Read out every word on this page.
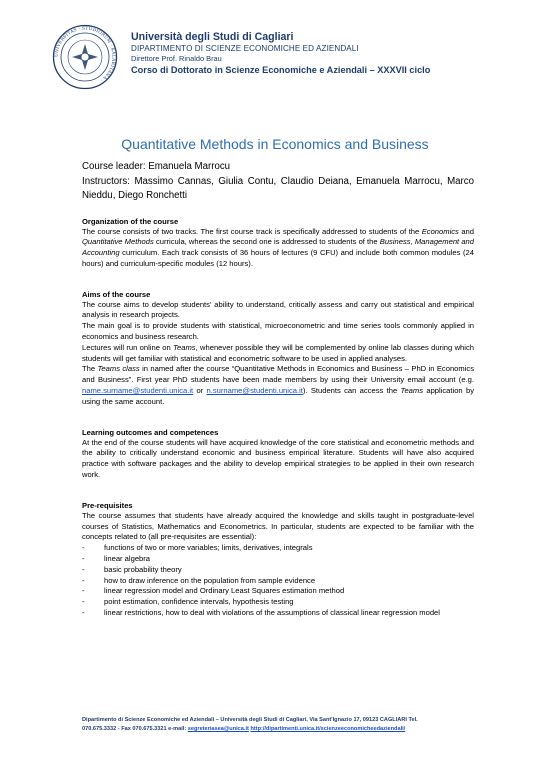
UNIVERSITAS · STUDIORUM · KALARITANA ·
Università degli Studi di Cagliari
DIPARTIMENTO DI SCIENZE ECONOMICHE ED AZIENDALI
Direttore Prof. Rinaldo Brau
Corso di Dottorato in Scienze Economiche e Aziendali – XXXVII ciclo
Quantitative Methods in Economics and Business
Course leader: Emanuela Marrocu
Instructors: Massimo Cannas, Giulia Contu, Claudio Deiana, Emanuela Marrocu, Marco Nieddu, Diego Ronchetti
Organization of the course

The course consists of two tracks. The first course track is specifically addressed to students of the Economics and Quantitative Methods curricula, whereas the second one is addressed to students of the Business, Management and Accounting curriculum. Each track consists of 36 hours of lectures (9 CFU) and include both common modules (24 hours) and curriculum-specific modules (12 hours).

Aims of the course

The course aims to develop students' ability to understand, critically assess and carry out statistical and empirical analysis in research projects.

The main goal is to provide students with statistical, microeconometric and time series tools commonly applied in economics and business research.

Lectures will run online on Teams, whenever possible they will be complemented by online lab classes during which students will get familiar with statistical and econometric software to be used in applied analyses.

The Teams class in named after the course “Quantitative Methods in Economics and Business – PhD in Economics and Business”. First year PhD students have been made members by using their University email account (e.g. name.surname@studenti.unica.it or n.surname@studenti.unica.it). Students can access the Teams application by using the same account.

Learning outcomes and competences

At the end of the course students will have acquired knowledge of the core statistical and econometric methods and the ability to critically understand economic and business empirical literature. Students will have also acquired practice with software packages and the ability to develop empirical strategies to be applied in their own research work.

Pre-requisites

The course assumes that students have already acquired the knowledge and skills taught in postgraduate-level courses of Statistics, Mathematics and Econometrics. In particular, students are expected to be familiar with the concepts related to (all pre-requisites are essential):

- functions of two or more variables; limits, derivatives, integrals
- linear algebra
- basic probability theory
- how to draw inference on the population from sample evidence
- linear regression model and Ordinary Least Squares estimation method
- point estimation, confidence intervals, hypothesis testing
- linear restrictions, how to deal with violations of the assumptions of classical linear regression model
Dipartimento di Scienze Economiche ed Aziendali – Università degli Studi di Cagliari, Via Sant'Ignazio 17, 09123 CAGLIARI Tel.
070.675.3332 - Fax 070.675.3321 e-mail: segreteriasea@unica.it http://dipartimenti.unica.it/scienzeeconomicheedaziendali/
